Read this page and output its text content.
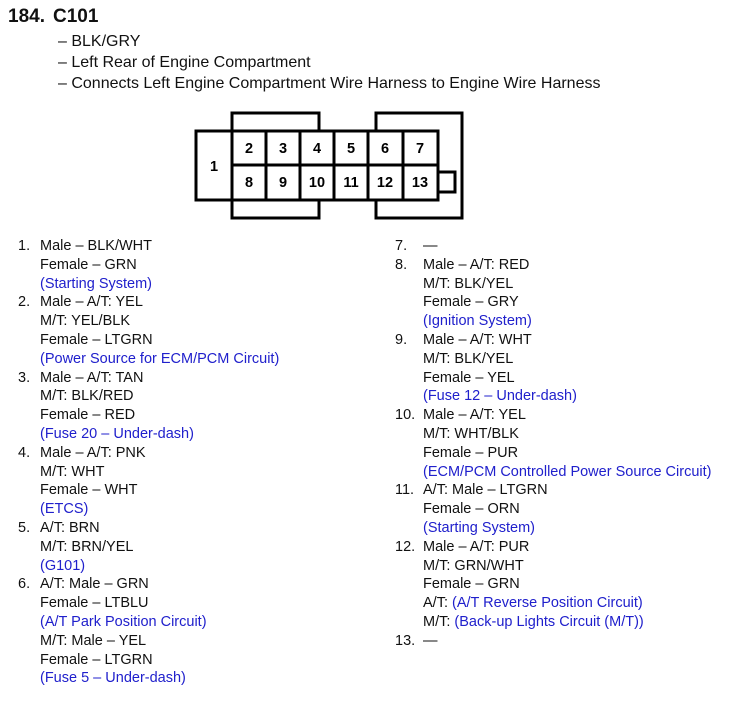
184. C101
– BLK/GRY
– Left Rear of Engine Compartment
– Connects Left Engine Compartment Wire Harness to Engine Wire Harness
1
2 3 4 5 6 7
8 9 10 11 12 13
1. Male – BLK/WHT
Female – GRN
(Starting System)
2. Male – A/T: YEL
M/T: YEL/BLK
Female – LTGRN
(Power Source for ECM/PCM Circuit)
3. Male – A/T: TAN
M/T: BLK/RED
Female – RED
(Fuse 20 – Under-dash)
4. Male – A/T: PNK
M/T: WHT
Female – WHT
(ETCS)
5. A/T: BRN
M/T: BRN/YEL
(G101)
6. A/T: Male – GRN
Female – LTBLU
(A/T Park Position Circuit)
M/T: Male – YEL
Female – LTGRN
(Fuse 5 – Under-dash)
7. —
8. Male – A/T: RED
M/T: BLK/YEL
Female – GRY
(Ignition System)
9. Male – A/T: WHT
M/T: BLK/YEL
Female – YEL
(Fuse 12 – Under-dash)
10. Male – A/T: YEL
M/T: WHT/BLK
Female – PUR
(ECM/PCM Controlled Power Source Circuit)
11. A/T: Male – LTGRN
Female – ORN
(Starting System)
12. Male – A/T: PUR
M/T: GRN/WHT
Female – GRN
A/T: (A/T Reverse Position Circuit)
M/T: (Back-up Lights Circuit (M/T))
13. —
